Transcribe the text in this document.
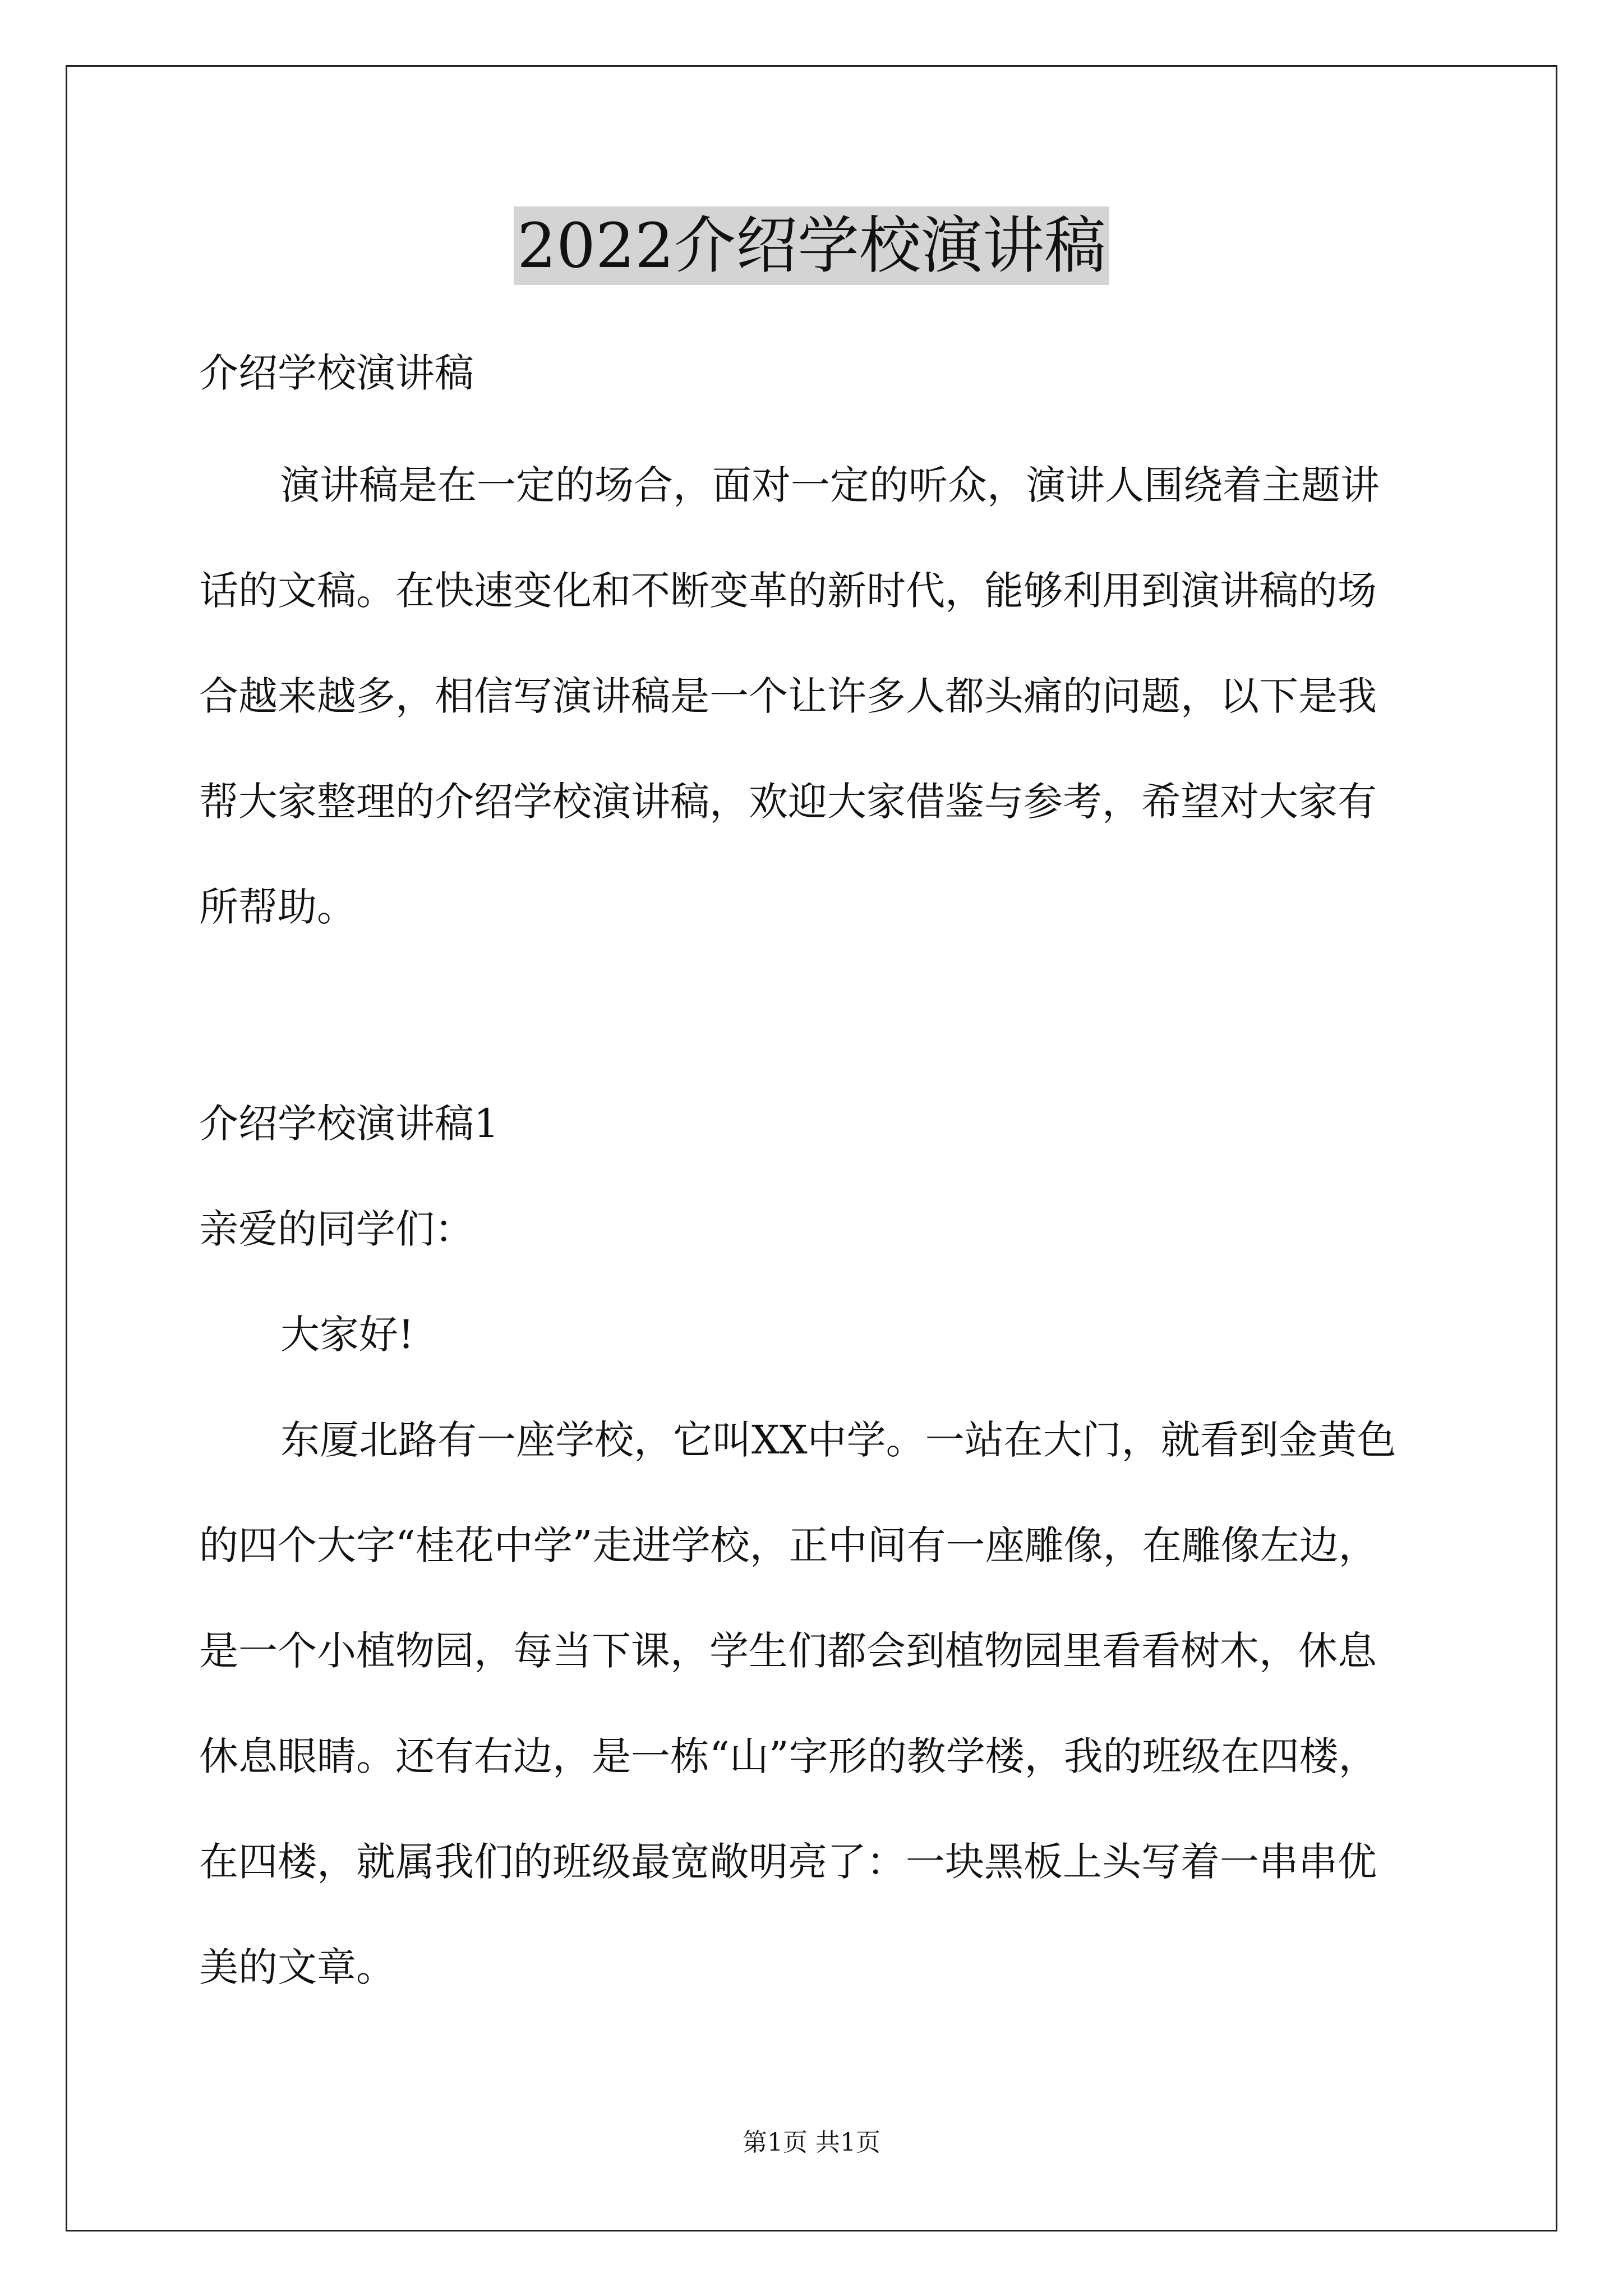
2022介绍学校演讲稿
介绍学校演讲稿
演讲稿是在一定的场合，面对一定的听众，演讲人围绕着主题讲
话的文稿。在快速变化和不断变革的新时代，能够利用到演讲稿的场
合越来越多，相信写演讲稿是一个让许多人都头痛的问题，以下是我
帮大家整理的介绍学校演讲稿，欢迎大家借鉴与参考，希望对大家有
所帮助。
介绍学校演讲稿1
亲爱的同学们：
大家好!
东厦北路有一座学校，它叫XX中学。一站在大门，就看到金黄色
的四个大字“桂花中学”走进学校，正中间有一座雕像，在雕像左边，
是一个小植物园，每当下课，学生们都会到植物园里看看树木，休息
休息眼睛。还有右边，是一栋“山”字形的教学楼，我的班级在四楼，
在四楼，就属我们的班级最宽敞明亮了：一块黑板上头写着一串串优
美的文章。
第1页 共1页
